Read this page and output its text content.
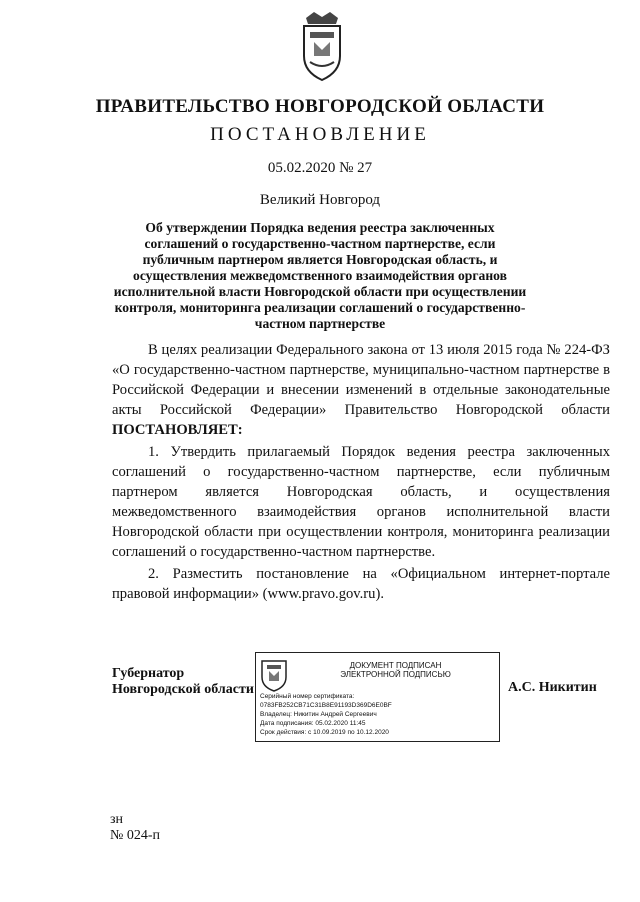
ПРАВИТЕЛЬСТВО НОВГОРОДСКОЙ ОБЛАСТИ
ПОСТАНОВЛЕНИЕ
05.02.2020 № 27
Великий Новгород
Об утверждении Порядка ведения реестра заключенных соглашений о государственно-частном партнерстве, если публичным партнером является Новгородская область, и осуществления межведомственного взаимодействия органов исполнительной власти Новгородской области при осуществлении контроля, мониторинга реализации соглашений о государственно-частном партнерстве

В целях реализации Федерального закона от 13 июля 2015 года № 224-ФЗ «О государственно-частном партнерстве, муниципально-частном партнерстве в Российской Федерации и внесении изменений в отдельные законодательные акты Российской Федерации» Правительство Новгородской области ПОСТАНОВЛЯЕТ:

1. Утвердить прилагаемый Порядок ведения реестра заключенных соглашений о государственно-частном партнерстве, если публичным партнером является Новгородская область, и осуществления межведомственного взаимодействия органов исполнительной власти Новгородской области при осуществлении контроля, мониторинга реализации соглашений о государственно-частном партнерстве.

2. Разместить постановление на «Официальном интернет-портале правовой информации» (www.pravo.gov.ru).

Губернатор
Новгородской области
ДОКУМЕНТ ПОДПИСАН
ЭЛЕКТРОННОЙ ПОДПИСЬЮ
Серийный номер сертификата:
0783FB252CB71C31B8E91193D369D6E0BF
Владелец: Никитин Андрей Сергеевич
Дата подписания: 05.02.2020 11:45
Срок действия: с 10.09.2019 по 10.12.2020
А.С. Никитин
зн
№ 024-п
